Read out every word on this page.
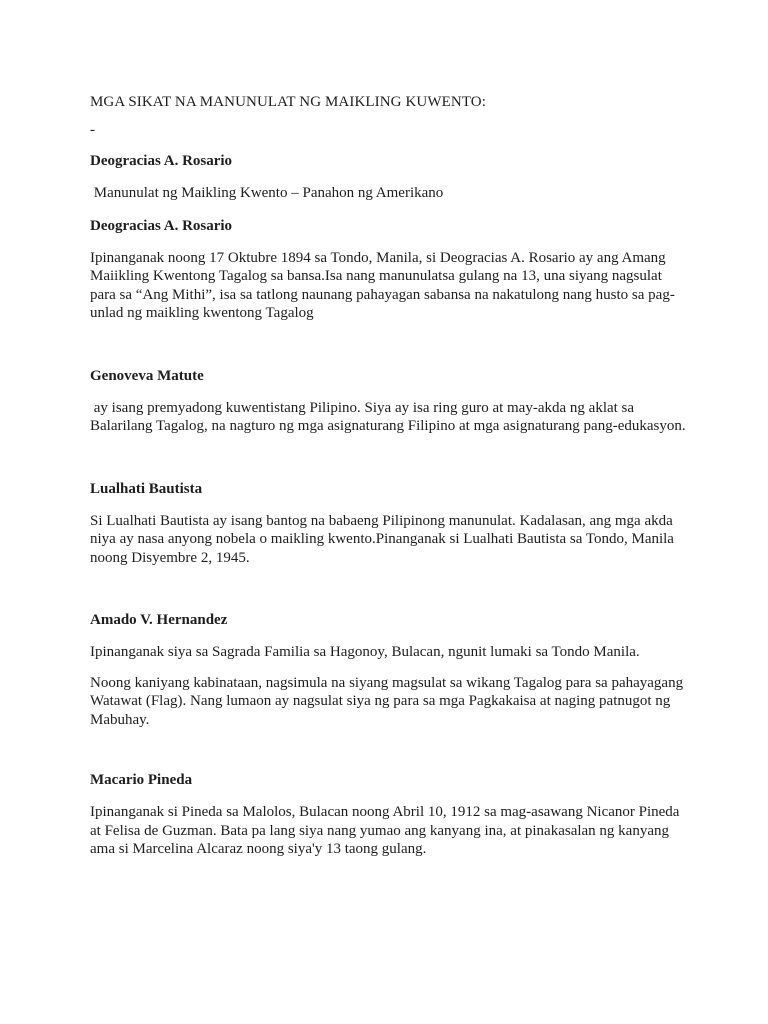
MGA SIKAT NA MANUNULAT NG MAIKLING KUWENTO:

-

Deogracias A. Rosario

Manunulat ng Maikling Kwento – Panahon ng Amerikano

Deogracias A. Rosario

Ipinanganak noong 17 Oktubre 1894 sa Tondo, Manila, si Deogracias A. Rosario ay ang Amang Maiikling Kwentong Tagalog sa bansa.Isa nang manunulatsa gulang na 13, una siyang nagsulat para sa “Ang Mithi”, isa sa tatlong naunang pahayagan sabansa na nakatulong nang husto sa pag-unlad ng maikling kwentong Tagalog

Genoveva Matute

ay isang premyadong kuwentistang Pilipino. Siya ay isa ring guro at may-akda ng aklat sa Balarilang Tagalog, na nagturo ng mga asignaturang Filipino at mga asignaturang pang-edukasyon.

Lualhati Bautista

Si Lualhati Bautista ay isang bantog na babaeng Pilipinong manunulat. Kadalasan, ang mga akda niya ay nasa anyong nobela o maikling kwento.Pinanganak si Lualhati Bautista sa Tondo, Manila noong Disyembre 2, 1945.

Amado V. Hernandez

Ipinanganak siya sa Sagrada Familia sa Hagonoy, Bulacan, ngunit lumaki sa Tondo Manila.

Noong kaniyang kabinataan, nagsimula na siyang magsulat sa wikang Tagalog para sa pahayagang Watawat (Flag). Nang lumaon ay nagsulat siya ng para sa mga Pagkakaisa at naging patnugot ng Mabuhay.

Macario Pineda

Ipinanganak si Pineda sa Malolos, Bulacan noong Abril 10, 1912 sa mag-asawang Nicanor Pineda at Felisa de Guzman. Bata pa lang siya nang yumao ang kanyang ina, at pinakasalan ng kanyang ama si Marcelina Alcaraz noong siya'y 13 taong gulang.
